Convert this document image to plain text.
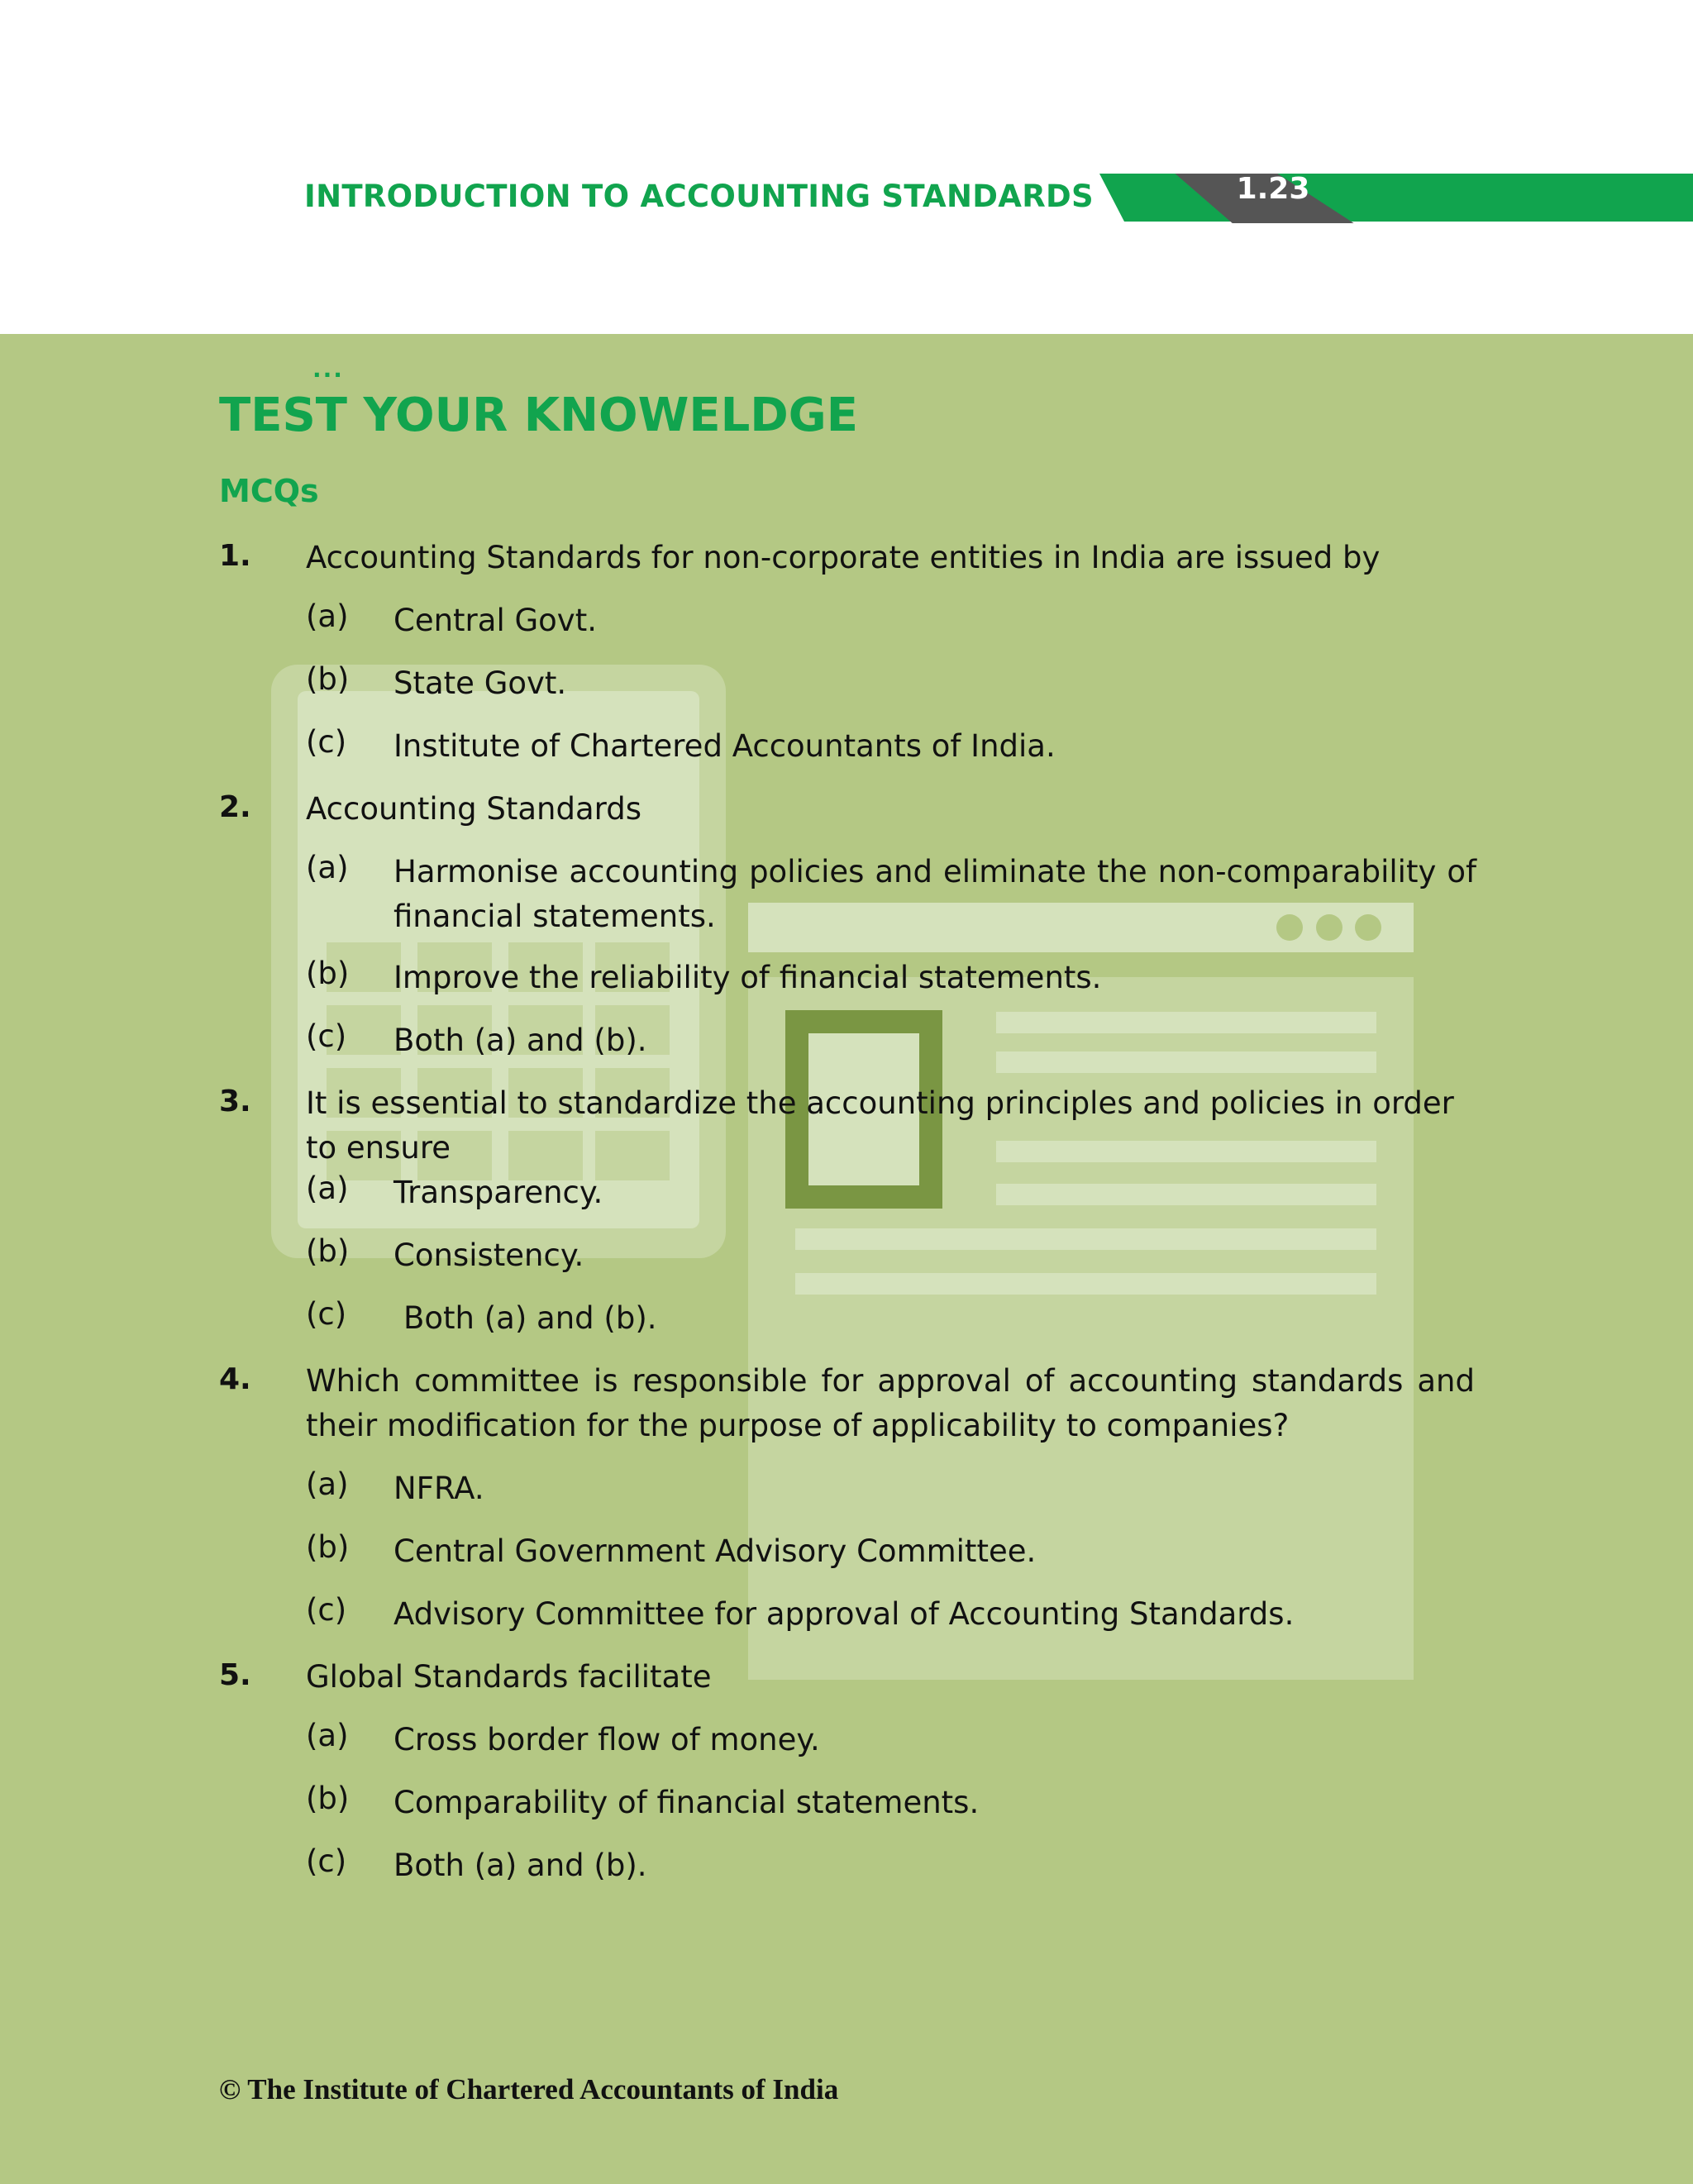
INTRODUCTION TO ACCOUNTING STANDARDS	1.23
...
TEST YOUR KNOWELDGE
MCQs
1. Accounting Standards for non-corporate entities in India are issued by
(a) Central Govt.
(b) State Govt.
(c) Institute of Chartered Accountants of India.
2. Accounting Standards
(a) Harmonise accounting policies and eliminate the non-comparability of financial statements.
(b) Improve the reliability of financial statements.
(c) Both (a) and (b).
3. It is essential to standardize the accounting principles and policies in order to ensure
(a) Transparency.
(b) Consistency.
(c) Both (a) and (b).
4. Which committee is responsible for approval of accounting standards and their modification for the purpose of applicability to companies?
(a) NFRA.
(b) Central Government Advisory Committee.
(c) Advisory Committee for approval of Accounting Standards.
5. Global Standards facilitate
(a) Cross border flow of money.
(b) Comparability of financial statements.
(c) Both (a) and (b).
© The Institute of Chartered Accountants of India
